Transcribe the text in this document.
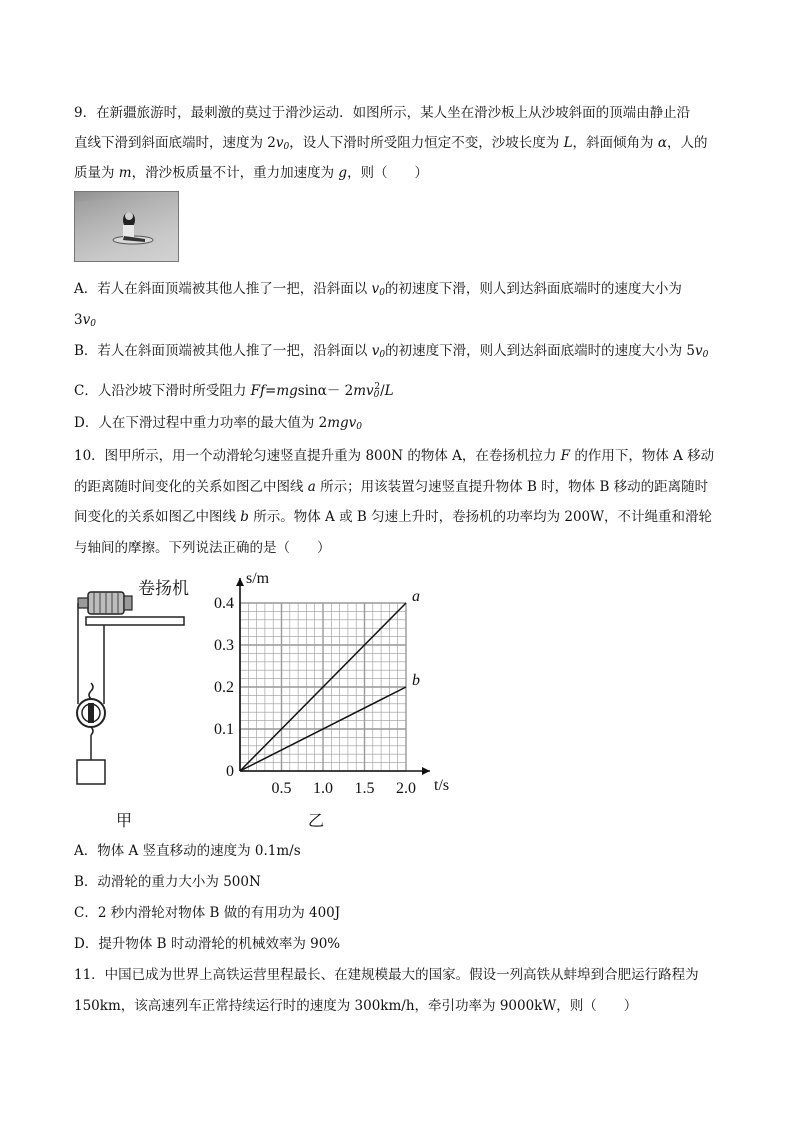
9．在新疆旅游时，最刺激的莫过于滑沙运动．如图所示，某人坐在滑沙板上从沙坡斜面的顶端由静止沿
直线下滑到斜面底端时，速度为 $2v_0$，设人下滑时所受阻力恒定不变，沙坡长度为 L，斜面倾角为 α，人的
质量为 m，滑沙板质量不计，重力加速度为 g，则（　　）
A．若人在斜面顶端被其他人推了一把，沿斜面以 $v_0$的初速度下滑，则人到达斜面底端时的速度大小为
$3v_0$
B．若人在斜面顶端被其他人推了一把，沿斜面以 $v_0$的初速度下滑，则人到达斜面底端时的速度大小为 $5v_0$
C．人沿沙坡下滑时所受阻力 $Ff=mgsin\alpha- 2mv_0^2/L$
D．人在下滑过程中重力功率的最大值为 2mgv$_0$
10．图甲所示，用一个动滑轮匀速竖直提升重为 800N 的物体 A，在卷扬机拉力 F 的作用下，物体 A 移动
的距离随时间变化的关系如图乙中图线 a 所示；用该装置匀速竖直提升物体 B 时，物体 B 移动的距离随时
间变化的关系如图乙中图线 b 所示。物体 A 或 B 匀速上升时，卷扬机的功率均为 200W，不计绳重和滑轮
与轴间的摩擦。下列说法正确的是（　　）
卷扬机
甲
s/m
t/s
0.1
0.2
0.3
0.4
0
0.5 1.0 1.5 2.0
a
b
乙
A．物体 A 竖直移动的速度为 0.1m/s
B．动滑轮的重力大小为 500N
C．2 秒内滑轮对物体 B 做的有用功为 400J
D．提升物体 B 时动滑轮的机械效率为 90%
11．中国已成为世界上高铁运营里程最长、在建规模最大的国家。假设一列高铁从蚌埠到合肥运行路程为
150km，该高速列车正常持续运行时的速度为 300km/h，牵引功率为 9000kW，则（　　）
